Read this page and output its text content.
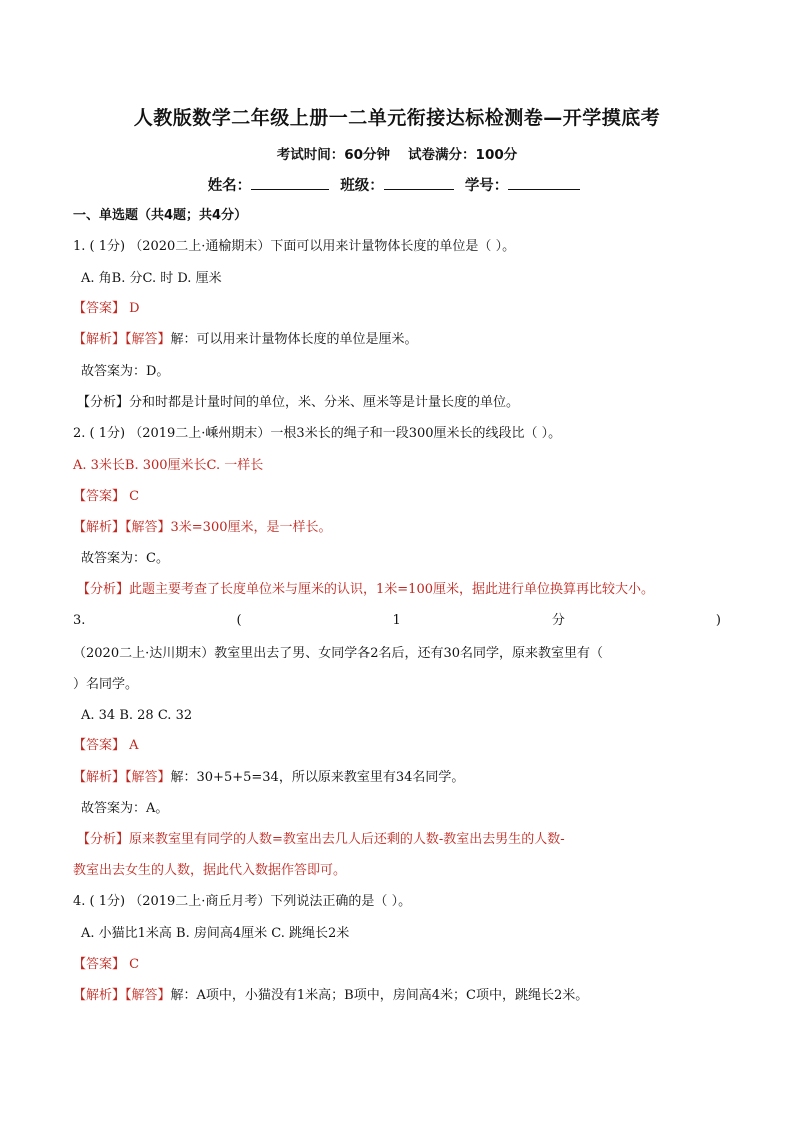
人教版数学二年级上册一二单元衔接达标检测卷—开学摸底考
考试时间：60分钟 试卷满分：100分
姓名：	班级：	学号：
一、单选题（共4题；共4分）
1. ( 1分) （2020二上·通榆期末）下面可以用来计量物体长度的单位是（ ）。
A. 角B. 分C. 时 D. 厘米
【答案】 D
【解析】【解答】解：可以用来计量物体长度的单位是厘米。
故答案为：D。
【分析】分和时都是计量时间的单位，米、分米、厘米等是计量长度的单位。
2. ( 1分) （2019二上·嵊州期末）一根3米长的绳子和一段300厘米长的线段比（ ）。
A. 3米长B. 300厘米长C. 一样长
【答案】 C
【解析】【解答】3米=300厘米，是一样长。
故答案为：C。
【分析】此题主要考查了长度单位米与厘米的认识，1米=100厘米，据此进行单位换算再比较大小。
3.	(	1	分	)
（2020二上·达川期末）教室里出去了男、女同学各2名后，还有30名同学，原来教室里有（
）名同学。
A. 34 B. 28 C. 32
【答案】 A
【解析】【解答】解：30+5+5=34，所以原来教室里有34名同学。
故答案为：A。
【分析】原来教室里有同学的人数=教室出去几人后还剩的人数-教室出去男生的人数-
教室出去女生的人数，据此代入数据作答即可。
4. ( 1分) （2019二上·商丘月考）下列说法正确的是（ ）。
A. 小猫比1米高 B. 房间高4厘米 C. 跳绳长2米
【答案】 C
【解析】【解答】解：A项中，小猫没有1米高；B项中，房间高4米；C项中，跳绳长2米。
